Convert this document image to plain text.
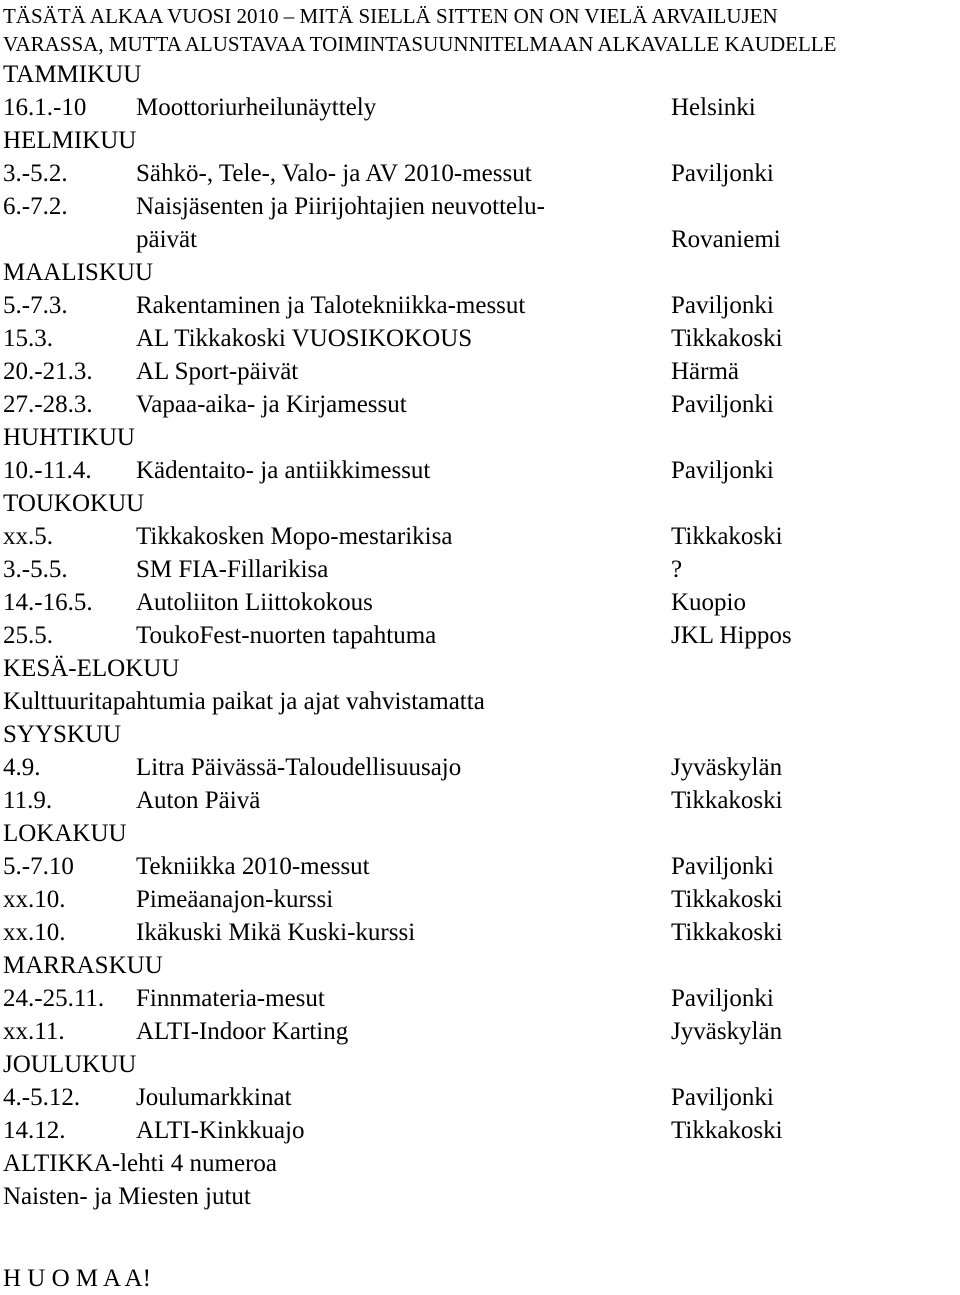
TÄSÄTÄ ALKAA VUOSI 2010 – MITÄ SIELLÄ SITTEN ON ON VIELÄ ARVAILUJEN
VARASSA, MUTTA ALUSTAVAA TOIMINTASUUNNITELMAAN ALKAVALLE KAUDELLE
TAMMIKUU
16.1.-10 Moottoriurheilunäyttely	Helsinki
HELMIKUU
3.-5.2.	Sähkö-, Tele-, Valo- ja AV 2010-messut	Paviljonki
6.-7.2.	Naisjäsenten ja Piirijohtajien neuvottelu-
päivät	Rovaniemi
MAALISKUU
5.-7.3.	Rakentaminen ja Talotekniikka-messut	Paviljonki
15.3.	AL Tikkakoski VUOSIKOKOUS	Tikkakoski
20.-21.3. AL Sport-päivät	Härmä
27.-28.3. Vapaa-aika- ja Kirjamessut	Paviljonki
HUHTIKUU
10.-11.4. Kädentaito- ja antiikkimessut	Paviljonki
TOUKOKUU
xx.5.	Tikkakosken Mopo-mestarikisa	Tikkakoski
3.-5.5.	SM FIA-Fillarikisa	?
14.-16.5. Autoliiton Liittokokous	Kuopio
25.5.	ToukoFest-nuorten tapahtuma	JKL Hippos
KESÄ-ELOKUU
Kulttuuritapahtumia paikat ja ajat vahvistamatta
SYYSKUU
4.9.	Litra Päivässä-Taloudellisuusajo	Jyväskylän
11.9.	Auton Päivä	Tikkakoski
LOKAKUU
5.-7.10 Tekniikka 2010-messut	Paviljonki
xx.10.	Pimeäanajon-kurssi	Tikkakoski
xx.10.	Ikäkuski Mikä Kuski-kurssi	Tikkakoski
MARRASKUU
24.-25.11. Finnmateria-mesut	Paviljonki
xx.11.	ALTI-Indoor Karting	Jyväskylän
JOULUKUU
4.-5.12. Joulumarkkinat	Paviljonki
14.12.	ALTI-Kinkkuajo	Tikkakoski
ALTIKKA-lehti 4 numeroa
Naisten- ja Miesten jutut
H U O M A A!
